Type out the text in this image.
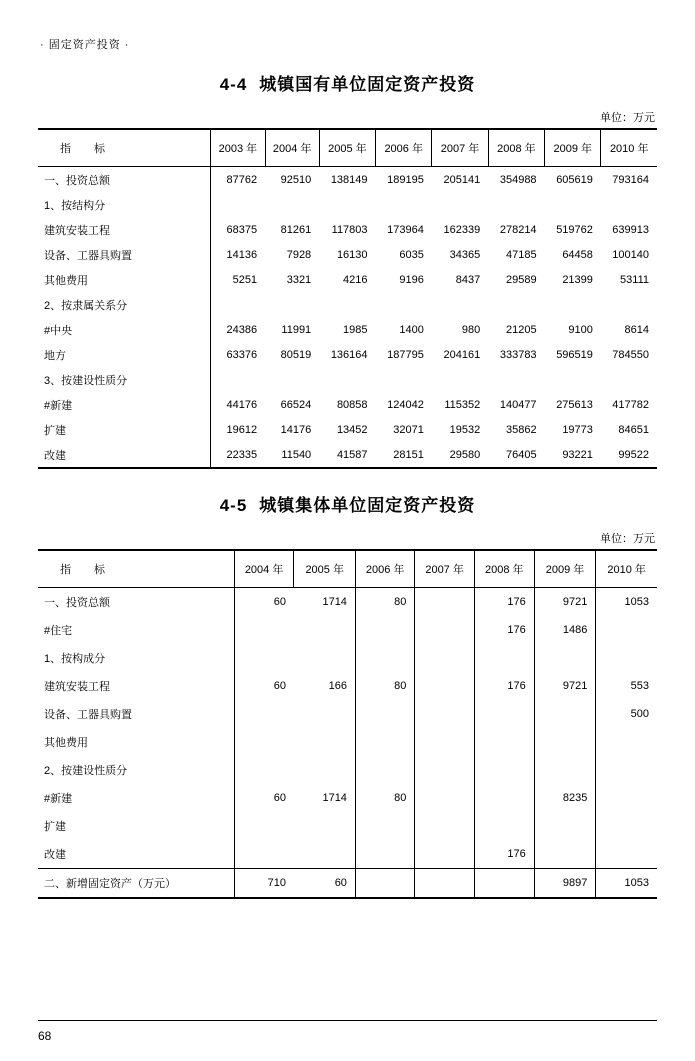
· 固定资产投资 ·
4-4 城镇国有单位固定资产投资
单位：万元
指 标	2003 年	2004 年	2005 年	2006 年	2007 年	2008 年	2009 年	2010 年
一、投资总额	87762	92510	138149	189195	205141	354988	605619	793164
1、按结构分								
建筑安装工程	68375	81261	117803	173964	162339	278214	519762	639913
设备、工器具购置	14136	7928	16130	6035	34365	47185	64458	100140
其他费用	5251	3321	4216	9196	8437	29589	21399	53111
2、按隶属关系分								
#中央	24386	11991	1985	1400	980	21205	9100	8614
地方	63376	80519	136164	187795	204161	333783	596519	784550
3、按建设性质分								
#新建	44176	66524	80858	124042	115352	140477	275613	417782
扩建	19612	14176	13452	32071	19532	35862	19773	84651
改建	22335	11540	41587	28151	29580	76405	93221	99522
4-5 城镇集体单位固定资产投资
单位：万元
指 标	2004 年	2005 年	2006 年	2007 年	2008 年	2009 年	2010 年
一、投资总额	60	1714	80		176	9721	1053
#住宅					176	1486	
1、按构成分							
建筑安装工程	60	166	80		176	9721	553
设备、工器具购置							500
其他费用							
2、按建设性质分							
#新建	60	1714	80			8235	
扩建							
改建					176		
二、新增固定资产（万元）	710	60				9897	1053
68
